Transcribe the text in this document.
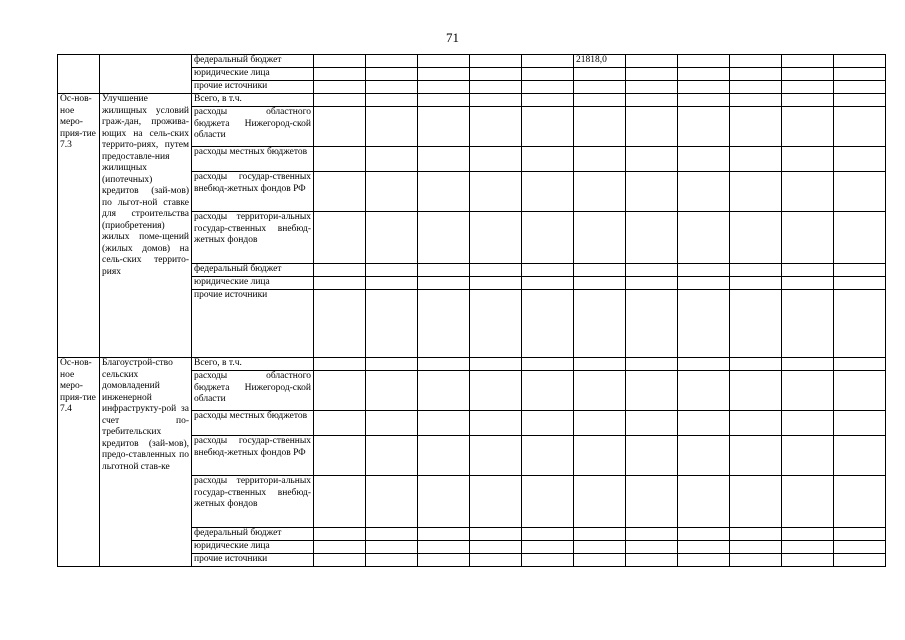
71
		федеральный бюджет						21818,0					
		юридические лица											
		прочие источники											
Ос-нов-ное меро-прия-тие 7.3	Улучшение жилищных условий граж-дан, прожива-ющих на сель-ских террито-риях, путем предоставле-ния жилищных (ипотечных) кредитов (зай-мов) по льгот-ной ставке для строительства (приобретения) жилых поме-щений (жилых домов) на сель-ских террито-риях	Всего, в т.ч.											
		расходы областного бюджета Нижегород-ской области											
		расходы местных бюджетов											
		расходы государ-ственных внебюд-жетных фондов РФ											
		расходы территори-альных государ-ственных внебюд-жетных фондов											
		федеральный бюджет											
		юридические лица											
		прочие источники											
Ос-нов-ное меро-прия-тие 7.4	Благоустрой-ство сельских домовладений инженерной инфраструкту-рой за счет по-требительских кредитов (зай-мов), предо-ставленных по льготной став-ке	Всего, в т.ч.											
		расходы областного бюджета Нижегород-ской области											
		расходы местных бюджетов											
		расходы государ-ственных внебюд-жетных фондов РФ											
		расходы территори-альных государ-ственных внебюд-жетных фондов											
		федеральный бюджет											
		юридические лица											
		прочие источники											
